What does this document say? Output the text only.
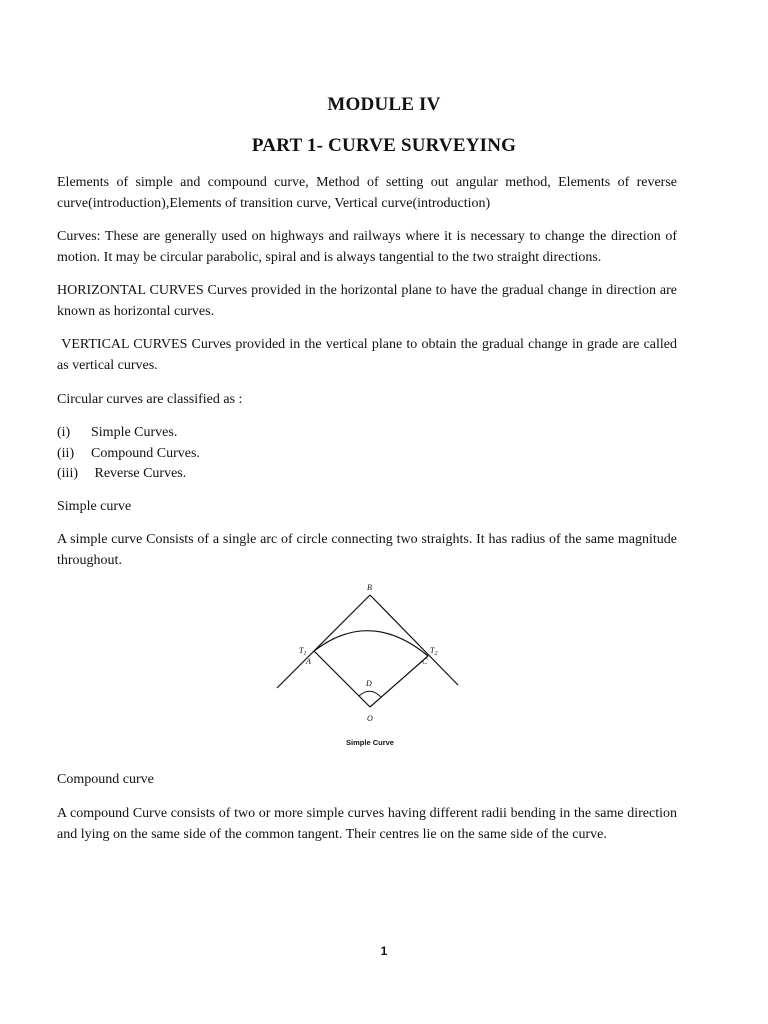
MODULE IV
PART 1- CURVE SURVEYING

Elements of simple and compound curve, Method of setting out angular method, Elements of reverse curve(introduction),Elements of transition curve, Vertical curve(introduction)

Curves: These are generally used on highways and railways where it is necessary to change the direction of motion. It may be circular parabolic, spiral and is always tangential to the two straight directions.

HORIZONTAL CURVES Curves provided in the horizontal plane to have the gradual change in direction are known as horizontal curves.

VERTICAL CURVES Curves provided in the vertical plane to obtain the gradual change in grade are called as vertical curves.

Circular curves are classified as :

(i)	Simple Curves.
(ii)	Compound Curves.
(iii) Reverse Curves.

Simple curve

A simple curve Consists of a single arc of circle connecting two straights. It has radius of the same magnitude throughout.

B
$T_1$
A
$T_2$
C
D
O
Simple Curve

Compound curve

A compound Curve consists of two or more simple curves having different radii bending in the same direction and lying on the same side of the common tangent. Their centres lie on the same side of the curve.

1
